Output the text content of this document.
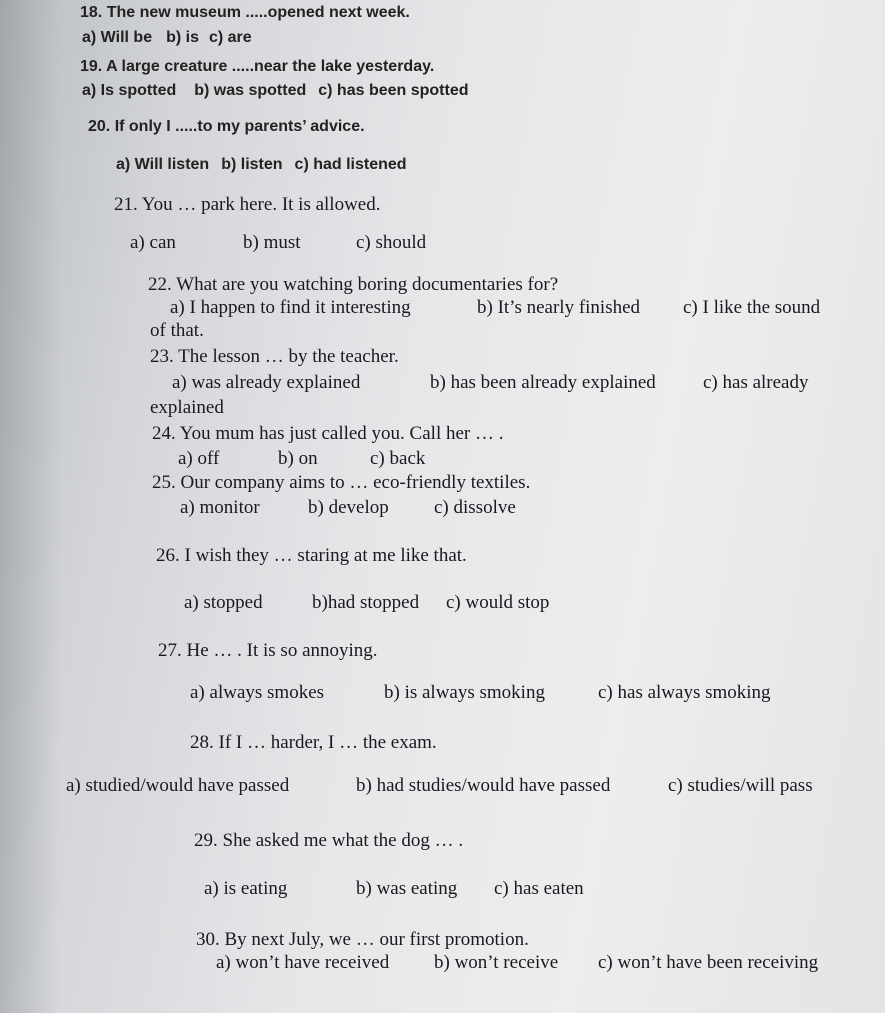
18. The new museum .....opened next week.
a) Will be b) is c) are
19. A large creature .....near the lake yesterday.
a) Is spotted b) was spotted c) has been spotted
20. If only I .....to my parents’ advice.
a) Will listen b) listen c) had listened
21. You … park here. It is allowed.
a) can	b) must	c) should
22. What are you watching boring documentaries for?
a) I happen to find it interesting	b) It’s nearly finished c) I like the sound
of that.
23. The lesson … by the teacher.
a) was already explained	b) has been already explained c) has already
explained
24. You mum has just called you. Call her … .
a) off	b) on	c) back
25. Our company aims to … eco-friendly textiles.
a) monitor	b) develop c) dissolve
26. I wish they … staring at me like that.
a) stopped	b)had stopped c) would stop
27. He … . It is so annoying.
a) always smokes	b) is always smoking	c) has always smoking
28. If I … harder, I … the exam.
a) studied/would have passed	b) had studies/would have passed	c) studies/will pass
29. She asked me what the dog … .
a) is eating	b) was eating c) has eaten
30. By next July, we … our first promotion.
a) won’t have received b) won’t receive c) won’t have been receiving
